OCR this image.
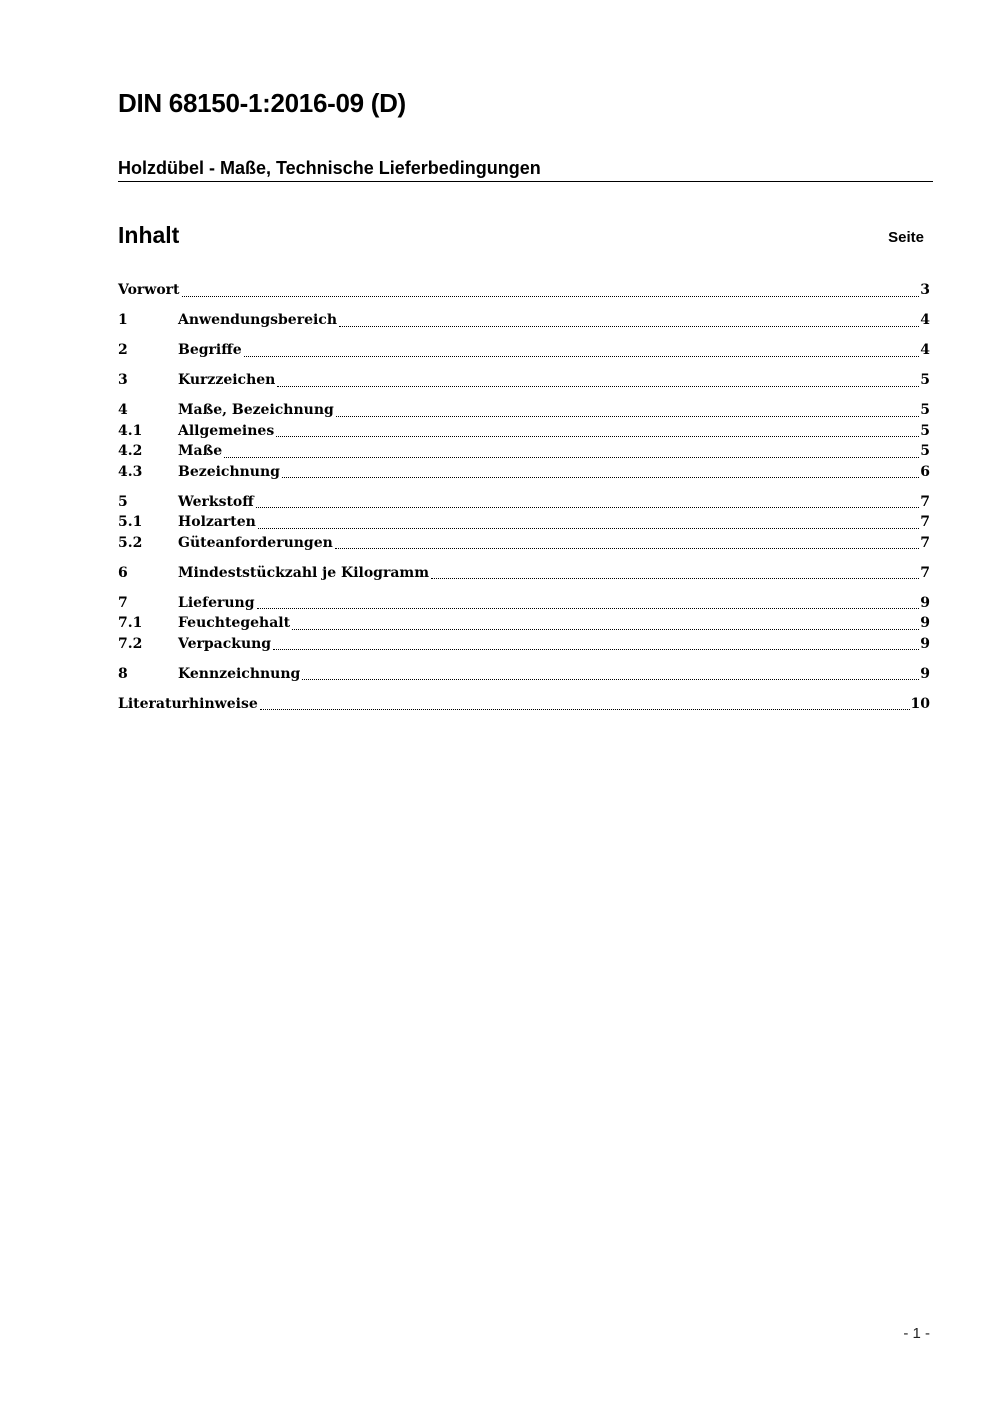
DIN 68150-1:2016-09 (D)
Holzdübel - Maße, Technische Lieferbedingungen
Inhalt	Seite
Vorwort	3
1	Anwendungsbereich	4
2	Begriffe	4
3	Kurzzeichen	5
4	Maße, Bezeichnung	5
4.1	Allgemeines	5
4.2	Maße	5
4.3	Bezeichnung	6
5	Werkstoff	7
5.1	Holzarten	7
5.2	Güteanforderungen	7
6	Mindeststückzahl je Kilogramm	7
7	Lieferung	9
7.1	Feuchtegehalt	9
7.2	Verpackung	9
8	Kennzeichnung	9
Literaturhinweise	10
- 1 -
